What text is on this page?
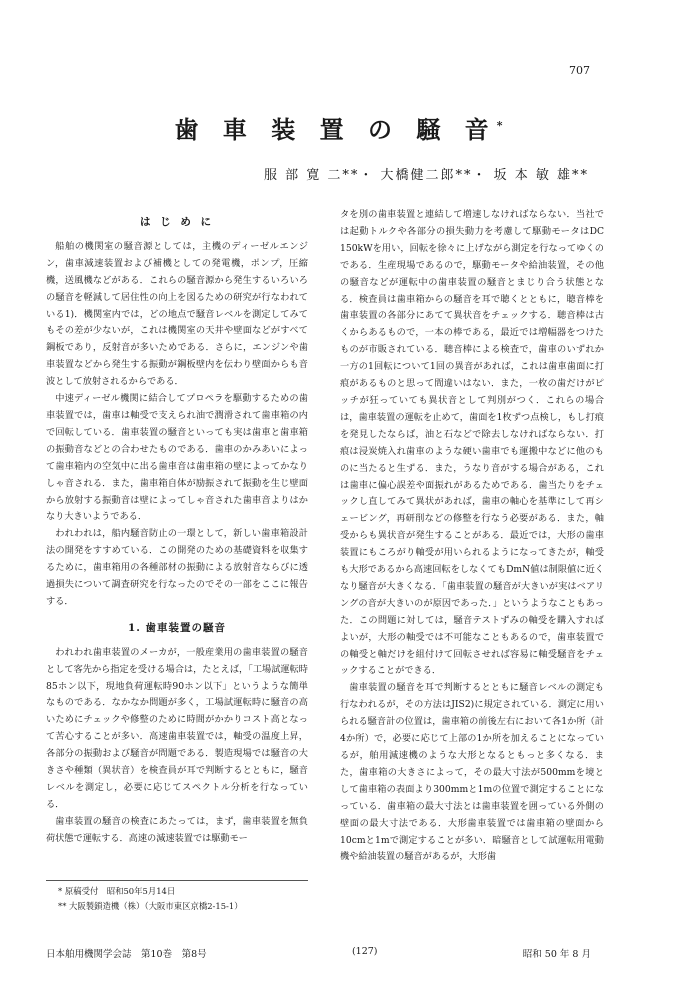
707
歯 車 装 置 の 騒 音*
服 部 寛 二**・ 大橋健二郎**・ 坂 本 敏 雄**
は じ め に

船舶の機関室の騒音源としては，主機のディーゼルエンジン，歯車減速装置および補機としての発電機，ポンプ，圧縮機，送風機などがある．これらの騒音源から発生するいろいろの騒音を軽減して居住性の向上を図るための研究が行なわれている1)．機関室内では，どの地点で騒音レベルを測定してみてもその差が少ないが，これは機関室の天井や壁面などがすべて鋼板であり，反射音が多いためである．さらに，エンジンや歯車装置などから発生する振動が鋼板壁内を伝わり壁面からも音波として放射されるからである．

中速ディーゼル機関に結合してプロペラを駆動するための歯車装置では，歯車は軸受で支えられ油で潤滑されて歯車箱の内で回転している．歯車装置の騒音といっても実は歯車と歯車箱の振動音などとの合わせたものである．歯車のかみあいによって歯車箱内の空気中に出る歯車音は歯車箱の壁によってかなりしゃ音される．また，歯車箱自体が励振されて振動を生じ壁面から放射する振動音は壁によってしゃ音された歯車音よりはかなり大きいようである．

われわれは，船内騒音防止の一環として，新しい歯車箱設計法の開発をすすめている．この開発のための基礎資料を収集するために，歯車箱用の各種部材の振動による放射音ならびに透過損失について調査研究を行なったのでその一部をここに報告する．

1. 歯車装置の騒音

われわれ歯車装置のメーカが，一般産業用の歯車装置の騒音として客先から指定を受ける場合は，たとえば，「工場試運転時85ホン以下，現地負荷運転時90ホン以下」というような簡単なものである．なかなか問題が多く，工場試運転時に騒音の高いためにチェックや修整のために時間がかかりコスト高となって苦心することが多い．高速歯車装置では，軸受の温度上昇，各部分の振動および騒音が問題である．製造現場では騒音の大きさや種類（異状音）を検査員が耳で判断するとともに，騒音レベルを測定し，必要に応じてスペクトル分析を行なっている．

歯車装置の騒音の検査にあたっては，まず，歯車装置を無負荷状態で運転する．高速の減速装置では駆動モー

タを別の歯車装置と連結して増速しなければならない．当社では起動トルクや各部分の損失動力を考慮して駆動モータはDC 150kWを用い，回転を徐々に上げながら測定を行なってゆくのである．生産現場であるので，駆動モータや給油装置，その他の騒音などが運転中の歯車装置の騒音とまじり合う状態となる．検査員は歯車箱からの騒音を耳で聴くとともに，聴音棒を歯車装置の各部分にあてて異状音をチェックする．聴音棒は古くからあるもので，一本の棒である，最近では増幅器をつけたものが市販されている．聴音棒による検査で，歯車のいずれか一方の1回転について1回の異音があれば，これは歯車歯面に打痕があるものと思って間違いはない．また，一枚の歯だけがピッチが狂っていても異状音として判別がつく．これらの場合は，歯車装置の運転を止めて，歯面を1枚ずつ点検し，もし打痕を発見したならば，油と石などで除去しなければならない．打痕は浸炭焼入れ歯車のような硬い歯車でも運搬中などに他のものに当たると生ずる．また，うなり音がする場合がある，これは歯車に偏心誤差や面振れがあるためである．歯当たりをチェックし直してみて異状があれば，歯車の軸心を基準にして再シェービング，再研削などの修整を行なう必要がある．また，軸受からも異状音が発生することがある．最近では，大形の歯車装置にもころがり軸受が用いられるようになってきたが，軸受も大形であるから高速回転をしなくてもDmN値は制限値に近くなり騒音が大きくなる．「歯車装置の騒音が大きいが実はベアリングの音が大きいのが原因であった．」というようなこともあった．この問題に対しては，騒音テストずみの軸受を購入すればよいが，大形の軸受では不可能なこともあるので，歯車装置での軸受と軸だけを組付けて回転させれば容易に軸受騒音をチェックすることができる．

歯車装置の騒音を耳で判断するとともに騒音レベルの測定も行なわれるが，その方法はJIS2)に規定されている．測定に用いられる騒音計の位置は，歯車箱の前後左右において各1か所（計4か所）で，必要に応じて上部の1か所を加えることになっているが，舶用減速機のような大形となるともっと多くなる．また，歯車箱の大きさによって，その最大寸法が500mmを境として歯車箱の表面より300mmと1mの位置で測定することになっている．歯車箱の最大寸法とは歯車装置を囲っている外側の壁面の最大寸法である．大形歯車装置では歯車箱の壁面から10cmと1mで測定することが多い．暗騒音として試運転用電動機や給油装置の騒音があるが，大形歯

* 原稿受付　昭和50年5月14日
** 大阪製鎖造機（株）（大阪市東区京橋2-15-1）
日本舶用機関学会誌　第10巻　第8号	(127)	昭和 50 年 8 月
